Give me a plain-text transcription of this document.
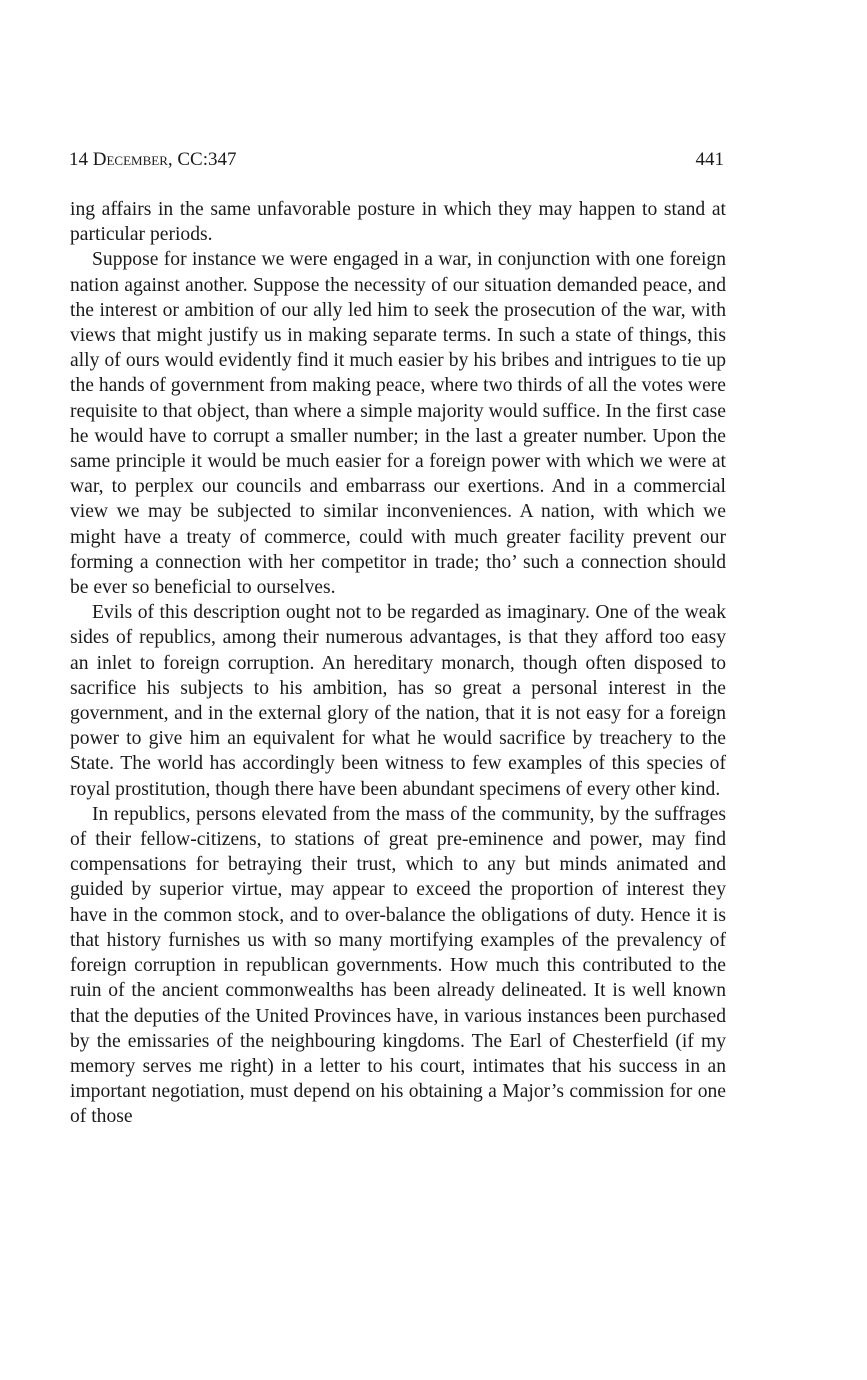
14 December, CC:347	441

ing affairs in the same unfavorable posture in which they may happen to stand at particular periods.

Suppose for instance we were engaged in a war, in conjunction with one foreign nation against another. Suppose the necessity of our situation demanded peace, and the interest or ambition of our ally led him to seek the prosecution of the war, with views that might justify us in making separate terms. In such a state of things, this ally of ours would evidently find it much easier by his bribes and intrigues to tie up the hands of government from making peace, where two thirds of all the votes were requisite to that object, than where a simple majority would suffice. In the first case he would have to corrupt a smaller number; in the last a greater number. Upon the same principle it would be much easier for a foreign power with which we were at war, to perplex our councils and embarrass our exertions. And in a commercial view we may be subjected to similar inconveniences. A nation, with which we might have a treaty of commerce, could with much greater facility prevent our forming a connection with her competitor in trade; tho’ such a connection should be ever so beneficial to ourselves.

Evils of this description ought not to be regarded as imaginary. One of the weak sides of republics, among their numerous advantages, is that they afford too easy an inlet to foreign corruption. An hereditary monarch, though often disposed to sacrifice his subjects to his ambition, has so great a personal interest in the government, and in the external glory of the nation, that it is not easy for a foreign power to give him an equivalent for what he would sacrifice by treachery to the State. The world has accordingly been witness to few examples of this species of royal prostitution, though there have been abundant specimens of every other kind.

In republics, persons elevated from the mass of the community, by the suffrages of their fellow-citizens, to stations of great pre-eminence and power, may find compensations for betraying their trust, which to any but minds animated and guided by superior virtue, may appear to exceed the proportion of interest they have in the common stock, and to over-balance the obligations of duty. Hence it is that history furnishes us with so many mortifying examples of the prevalency of foreign corruption in republican governments. How much this contributed to the ruin of the ancient commonwealths has been already delineated. It is well known that the deputies of the United Provinces have, in various instances been purchased by the emissaries of the neighbouring kingdoms. The Earl of Chesterfield (if my memory serves me right) in a letter to his court, intimates that his success in an important negotiation, must depend on his obtaining a Major’s commission for one of those
